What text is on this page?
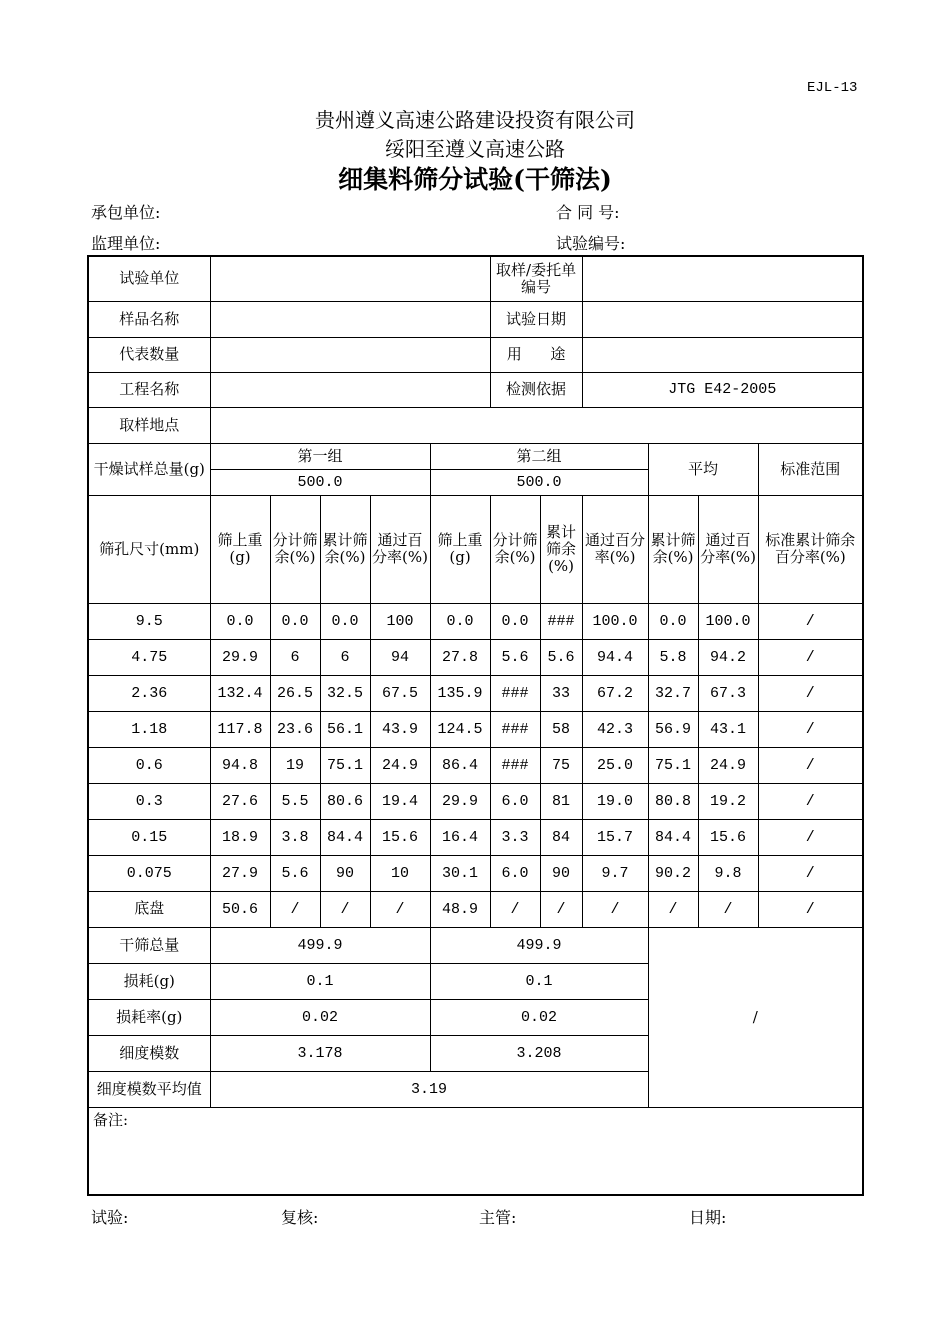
EJL-13
贵州遵义高速公路建设投资有限公司
绥阳至遵义高速公路
细集料筛分试验(干筛法)
承包单位:	合 同 号:
监理单位:	试验编号:
试验单位						取样/委托单编号					
样品名称						试验日期					
代表数量						用      途					
工程名称						检测依据		JTG E42-2005			
取样地点											
干燥试样总量(g)	第一组				第二组				平均		标准范围
	500.0				500.0						
筛孔尺寸(mm)	筛上重(g)	分计筛余(%)	累计筛余(%)	通过百分率(%)	筛上重(g)	分计筛余(%)	累计筛余(%)	通过百分率(%)	累计筛余(%)	通过百分率(%)	标准累计筛余百分率(%)
9.5	0.0	0.0	0.0	100	0.0	0.0	###	100.0	0.0	100.0	/
4.75	29.9	6	6	94	27.8	5.6	5.6	94.4	5.8	94.2	/
2.36	132.4	26.5	32.5	67.5	135.9	###	33	67.2	32.7	67.3	/
1.18	117.8	23.6	56.1	43.9	124.5	###	58	42.3	56.9	43.1	/
0.6	94.8	19	75.1	24.9	86.4	###	75	25.0	75.1	24.9	/
0.3	27.6	5.5	80.6	19.4	29.9	6.0	81	19.0	80.8	19.2	/
0.15	18.9	3.8	84.4	15.6	16.4	3.3	84	15.7	84.4	15.6	/
0.075	27.9	5.6	90	10	30.1	6.0	90	9.7	90.2	9.8	/
底盘	50.6	/	/	/	48.9	/	/	/	/	/	/
干筛总量	499.9				499.9				/		
损耗(g)	0.1				0.1						
损耗率(g)	0.02				0.02						
细度模数	3.178				3.208						
细度模数平均值	3.19										
备注:											
试验:	复核:	主管:	日期:
